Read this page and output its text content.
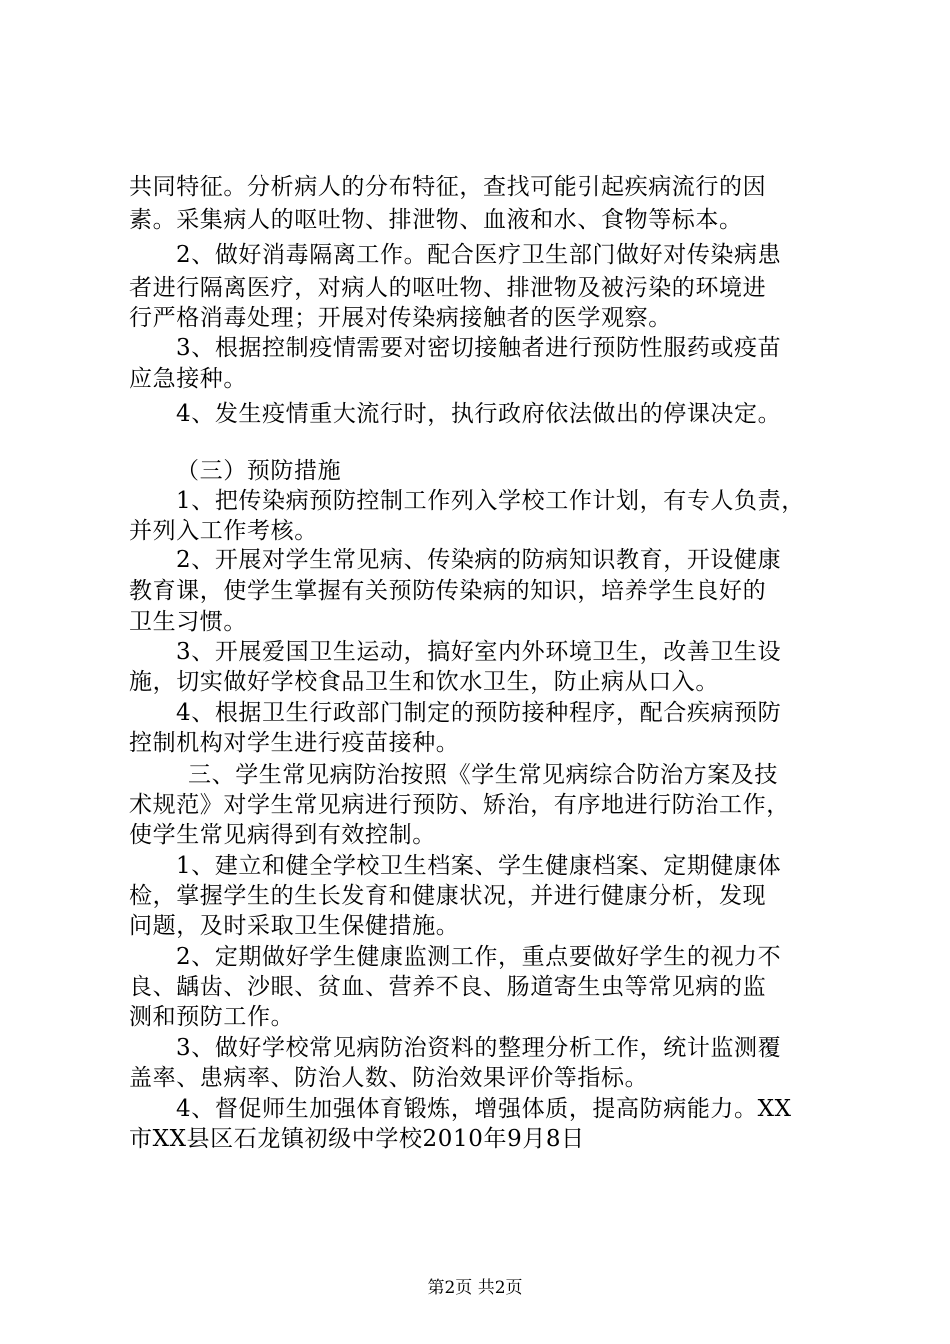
共同特征。分析病人的分布特征，查找可能引起疾病流行的因
素。采集病人的呕吐物、排泄物、血液和水、食物等标本。
2、做好消毒隔离工作。配合医疗卫生部门做好对传染病患
者进行隔离医疗，对病人的呕吐物、排泄物及被污染的环境进
行严格消毒处理；开展对传染病接触者的医学观察。
3、根据控制疫情需要对密切接触者进行预防性服药或疫苗
应急接种。
4、发生疫情重大流行时，执行政府依法做出的停课决定。
（三）预防措施
1、把传染病预防控制工作列入学校工作计划，有专人负责，
并列入工作考核。
2、开展对学生常见病、传染病的防病知识教育，开设健康
教育课，使学生掌握有关预防传染病的知识，培养学生良好的
卫生习惯。
3、开展爱国卫生运动，搞好室内外环境卫生，改善卫生设
施，切实做好学校食品卫生和饮水卫生，防止病从口入。
4、根据卫生行政部门制定的预防接种程序，配合疾病预防
控制机构对学生进行疫苗接种。
三、学生常见病防治按照《学生常见病综合防治方案及技
术规范》对学生常见病进行预防、矫治，有序地进行防治工作，
使学生常见病得到有效控制。
1、建立和健全学校卫生档案、学生健康档案、定期健康体
检，掌握学生的生长发育和健康状况，并进行健康分析，发现
问题，及时采取卫生保健措施。
2、定期做好学生健康监测工作，重点要做好学生的视力不
良、龋齿、沙眼、贫血、营养不良、肠道寄生虫等常见病的监
测和预防工作。
3、做好学校常见病防治资料的整理分析工作，统计监测覆
盖率、患病率、防治人数、防治效果评价等指标。
4、督促师生加强体育锻炼，增强体质，提高防病能力。XX
市XX县区石龙镇初级中学校2010年9月8日
第2页 共2页
